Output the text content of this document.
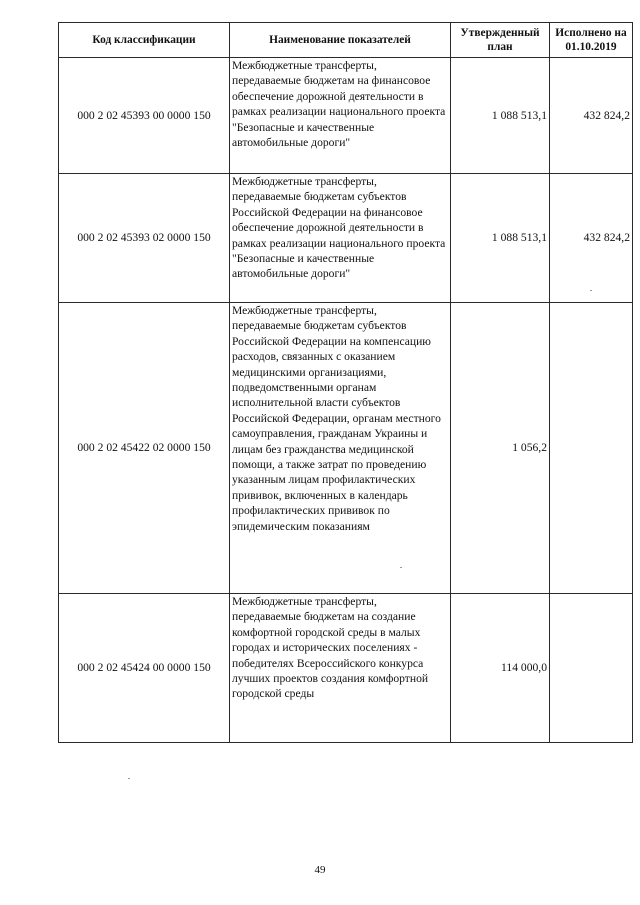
Код классификации	Наименование показателей	Утвержденный план	Исполнено на 01.10.2019
000 2 02 45393 00 0000 150	Межбюджетные трансферты, передаваемые бюджетам на финансовое обеспечение дорожной деятельности в рамках реализации национального проекта "Безопасные и качественные автомобильные дороги"	1 088 513,1	432 824,2
000 2 02 45393 02 0000 150	Межбюджетные трансферты, передаваемые бюджетам субъектов Российской Федерации на финансовое обеспечение дорожной деятельности в рамках реализации национального проекта "Безопасные и качественные автомобильные дороги"	1 088 513,1	432 824,2
000 2 02 45422 02 0000 150	Межбюджетные трансферты, передаваемые бюджетам субъектов Российской Федерации на компенсацию расходов, связанных с оказанием медицинскими организациями, подведомственными органам исполнительной власти субъектов Российской Федерации, органам местного самоуправления, гражданам Украины и лицам без гражданства медицинской помощи, а также затрат по проведению указанным лицам профилактических прививок, включенных в календарь профилактических прививок по эпидемическим показаниям	1 056,2	
000 2 02 45424 00 0000 150	Межбюджетные трансферты, передаваемые бюджетам на создание комфортной городской среды в малых городах и исторических поселениях - победителях Всероссийского конкурса лучших проектов создания комфортной городской среды	114 000,0	
49
